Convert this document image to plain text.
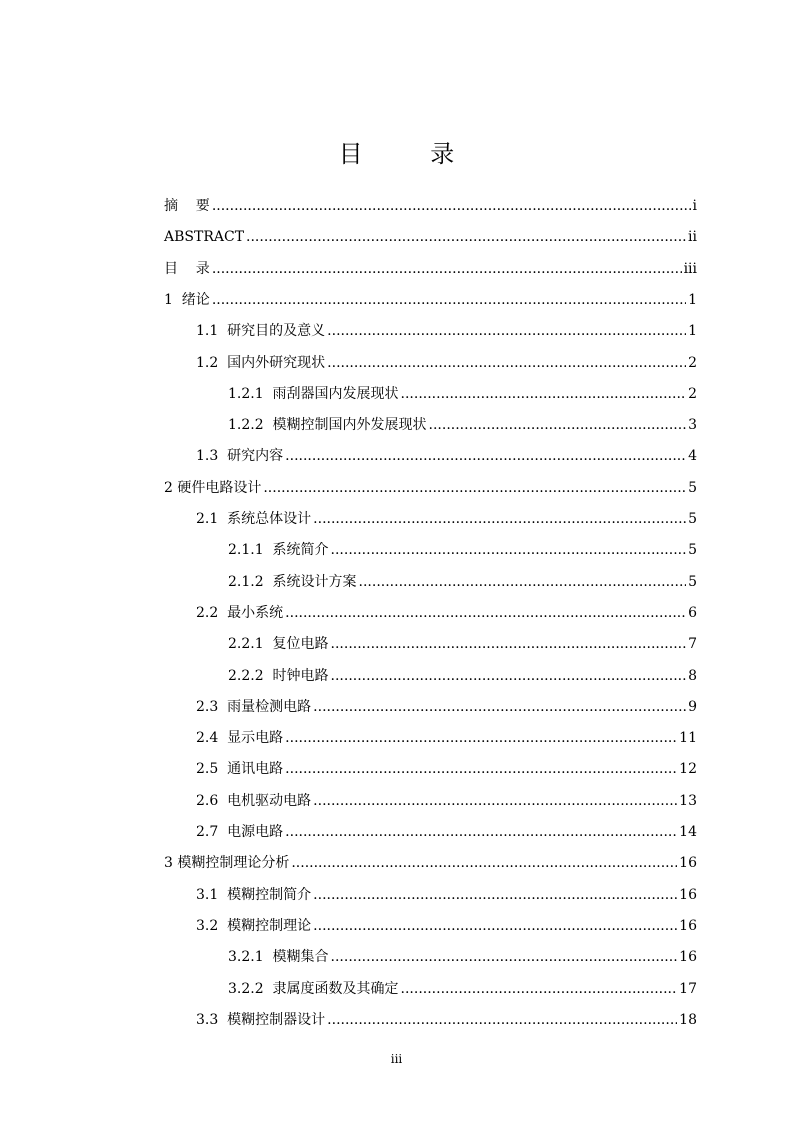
目 录
摘    要 .....	i
ABSTRACT .....	ii
目    录 .....	iii
1  绪论 .....	1
1.1  研究目的及意义 .....	1
1.2  国内外研究现状 .....	2
1.2.1  雨刮器国内发展现状 .....	2
1.2.2  模糊控制国内外发展现状 .....	3
1.3  研究内容 .....	4
2 硬件电路设计 .....	5
2.1  系统总体设计 .....	5
2.1.1  系统简介 .....	5
2.1.2  系统设计方案 .....	5
2.2  最小系统 .....	6
2.2.1  复位电路 .....	7
2.2.2  时钟电路 .....	8
2.3  雨量检测电路 .....	9
2.4  显示电路 .....	11
2.5  通讯电路 .....	12
2.6  电机驱动电路 .....	13
2.7  电源电路 .....	14
3 模糊控制理论分析 .....	16
3.1  模糊控制简介 .....	16
3.2  模糊控制理论 .....	16
3.2.1  模糊集合 .....	16
3.2.2  隶属度函数及其确定 .....	17
3.3  模糊控制器设计 .....	18
iii
